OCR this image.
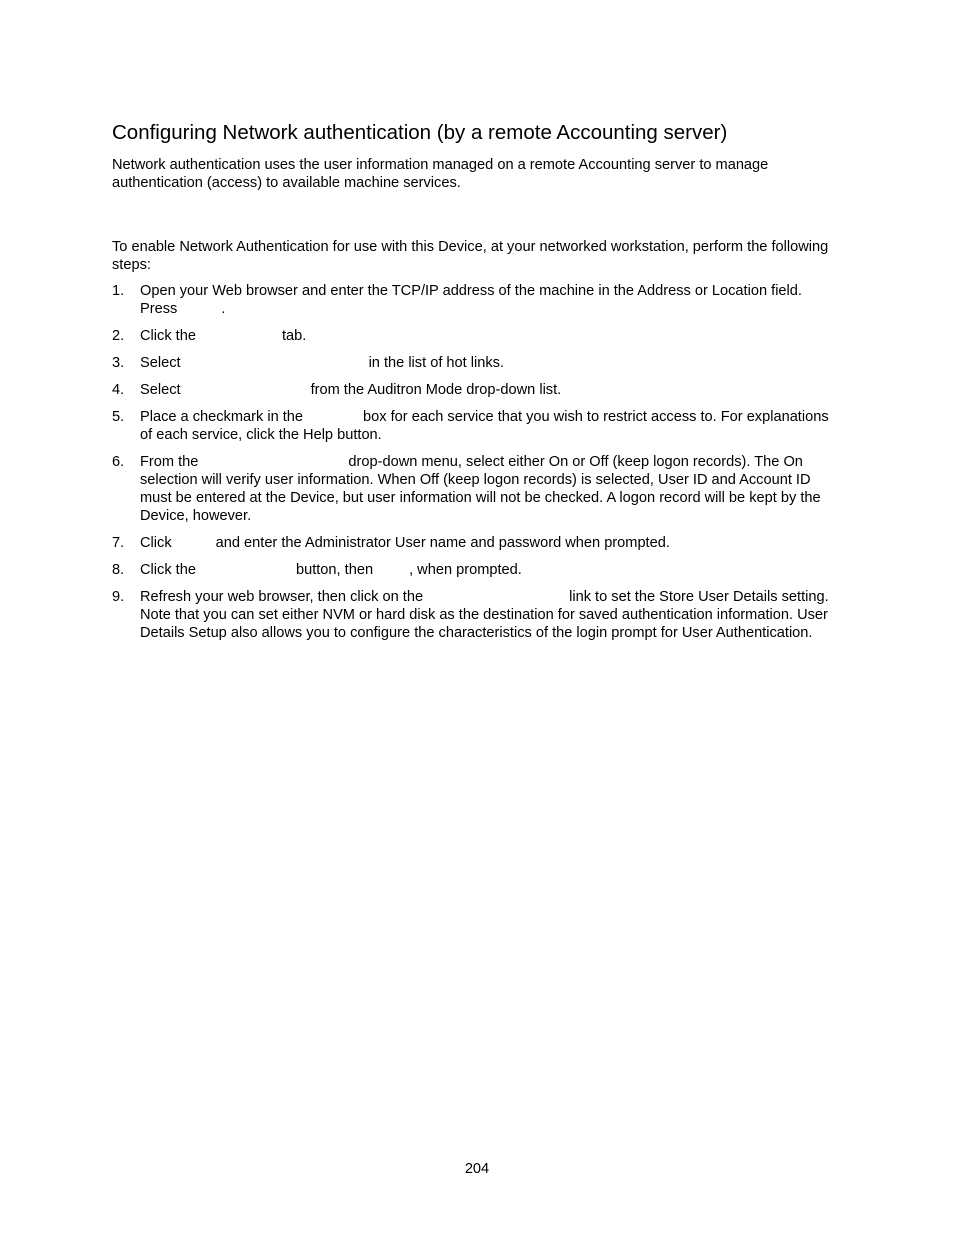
Configuring Network authentication (by a remote Accounting server)

Network authentication uses the user information managed on a remote Accounting server to manage authentication (access) to available machine services.

To enable Network Authentication for use with this Device, at your networked workstation, perform the following steps:

1. Open your Web browser and enter the TCP/IP address of the machine in the Address or Location field. Press	.
2. Click the	tab.
3. Select	in the list of hot links.
4. Select	from the Auditron Mode drop-down list.
5. Place a checkmark in the	box for each service that you wish to restrict access to. For explanations of each service, click the Help button.
6. From the	drop-down menu, select either On or Off (keep logon records). The On selection will verify user information. When Off (keep logon records) is selected, User ID and Account ID must be entered at the Device, but user information will not be checked. A logon record will be kept by the Device, however.
7. Click	and enter the Administrator User name and password when prompted.
8. Click the	button, then , when prompted.
9. Refresh your web browser, then click on the	link to set the Store User Details setting. Note that you can set either NVM or hard disk as the destination for saved authentication information. User Details Setup also allows you to configure the characteristics of the login prompt for User Authentication.
204
